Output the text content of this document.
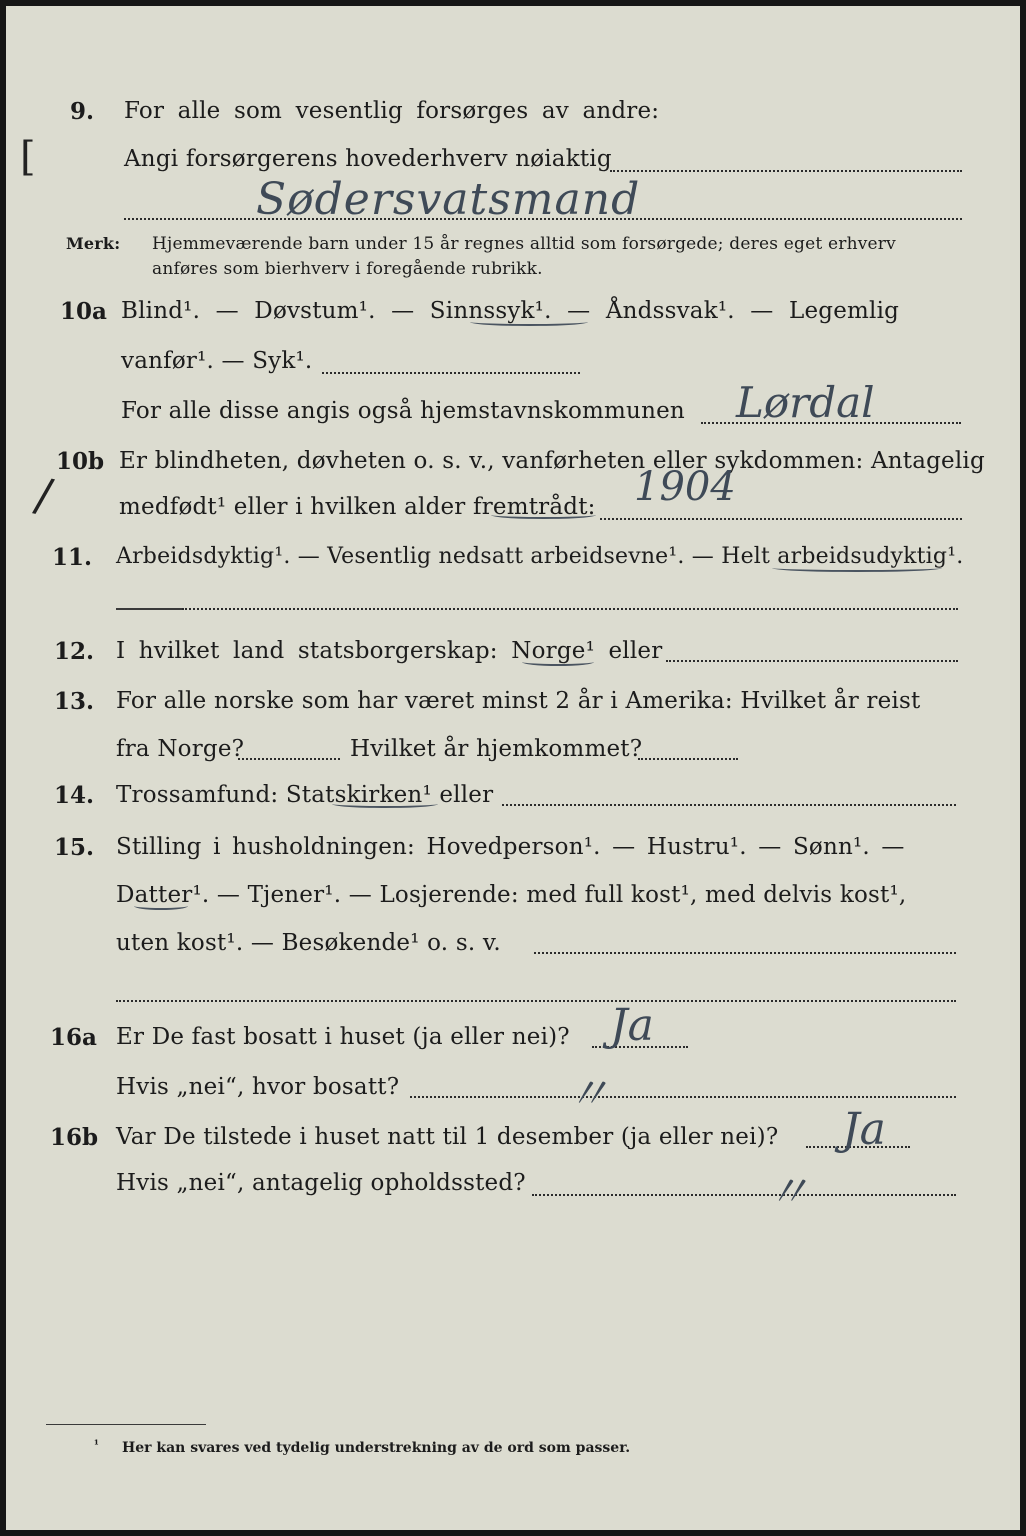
[
/
9. For alle som vesentlig forsørges av andre:
Angi forsørgerens hovederhverv nøiaktig
Sødersvatsmand
Merk: Hjemmeværende barn under 15 år regnes alltid som forsørgede; deres eget erhverv
anføres som bierhverv i foregående rubrikk.
10a Blind¹. — Døvstum¹. — Sinnssyk¹. — Åndssvak¹. — Legemlig
vanfør¹. — Syk¹.
For alle disse angis også hjemstavnskommunen Lørdal
10b Er blindheten, døvheten o. s. v., vanførheten eller sykdommen: Antagelig
medfødt¹ eller i hvilken alder fremtrådt: 1904
11. Arbeidsdyktig¹. — Vesentlig nedsatt arbeidsevne¹. — Helt arbeidsudyktig¹.
12. I hvilket land statsborgerskap: Norge¹ eller
13. For alle norske som har været minst 2 år i Amerika: Hvilket år reist
fra Norge?	Hvilket år hjemkommet?
14. Trossamfund: Statskirken¹ eller
15. Stilling i husholdningen: Hovedperson¹. — Hustru¹. — Sønn¹. —
Datter¹. — Tjener¹. — Losjerende: med full kost¹, med delvis kost¹,
uten kost¹. — Besøkende¹ o. s. v.
16a Er De fast bosatt i huset (ja eller nei)? Ja
Hvis „nei“, hvor bosatt?	〃
16b Var De tilstede i huset natt til 1 desember (ja eller nei)? Ja
Hvis „nei“, antagelig opholdssted?	〃
¹ Her kan svares ved tydelig understrekning av de ord som passer.
